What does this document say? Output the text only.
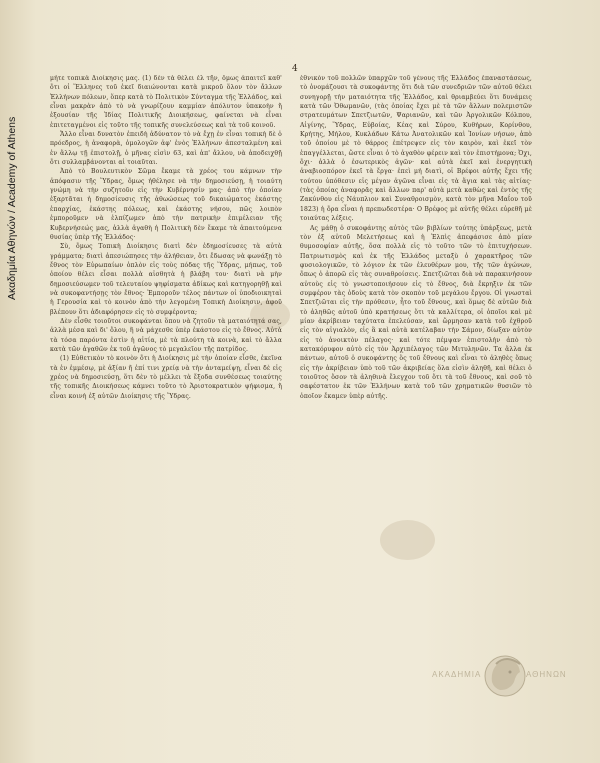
Ακαδημία Αθηνών / Academy of Athens
4

μήτε τοπικὰ Διοίκησις μας. (1) δὲν τὰ θέλει ἐλ τῆν, ὅμως ἀπαιτεῖ καθ' ὅτι οἱ Ἕλληνες τοῦ ἐκεῖ διαιώνονται κατὰ μικροῦ ὅλον τὸν ἄλλων Ἑλλήνων πόλεων, ὅπερ κατὰ τὸ Πολιτικὸν Σύνταγμα τῆς Ἑλλάδος, καὶ εἶναι μακρὰν ἀπὸ τὸ νὰ γνωρίζουν καμμίαν ἀπόλυτον ὑπακοὴν ἢ ἐξουσίαν τῆς Ἰδίας Πολιτικῆς Διοικήσεως, φαίνεται νὰ εἶναι ἐπιτεταγμένοι εἰς τοῦτο τῆς τοπικῆς συνελεύσεως καὶ τὰ τοῦ κοινοῦ.

Ἄλλο εἶναι δυνατὸν ἐπειδὴ ἀδύνατον τὸ νὰ ἔχῃ ἐν εἶναι τοπικὴ δὲ ὁ πρόεδρος, ἡ ἀναφορὰ, ὁμολογῶν ἀφ' ἑνὸς Ἑλλήνων ἀπεσταλμένη καὶ ἐν ἄλλῳ τῇ ἐπιστολῇ, ὁ μῆνας εἰσὶν 63, καὶ ἀπ' ἄλλου, νὰ ἀποδειχθῇ ὅτι συλλαμβάνονται αἱ τοιαῦται.

Ἀπὸ τὸ Βουλευτικὸν Σῶμα ἔκαμε τὰ χρέος του κάμνων τὴν ἀπόφασιν τῆς Ὕδρας, ὅμως ἠθέλησε νὰ τὴν δημοσιεύσῃ, ἡ τοιαύτη γνώμη νὰ τὴν συζητοῦν εἰς τὴν Κυβέρνησίν μας· ἀπὸ τὴν ὁποίαν ἐξαρτᾶται ἡ δημοσίευσις τῆς ἀθωώσεως τοῦ δικαιώματος ἑκάστης ἐπαρχίας, ἑκάστης πόλεως, καὶ ἑκάστης νήσου, πῶς λοιπὸν ἐμποροῦμεν νὰ ἐλπίζωμεν ἀπὸ τὴν πατρικὴν ἐπιμέλειαν τῆς Κυβερνήσεώς μας, ἀλλὰ ἀγαθὴ ἡ Πολιτικὴ δὲν ἔκαμε τὰ ἀπαιτούμενα θυσίας ὑπὲρ τῆς Ἑλλάδος·

Σὺ, ὅμως Τοπικὴ Διοίκησις διατὶ δὲν ἐδημοσίευσες τὰ αὐτὰ γράμματα; διατὶ ἀπεσιώπησες τὴν ἀλήθειαν, ὅτι ἔδωσας νὰ φωνάξῃ τὸ ἔθνος τὸν Εὐρωπαίων ὁπλὸν εἰς τοὺς πόδας τῆς Ὕδρας, μήπως, τοῦ ὁποίου θέλει εἶσαι πολλὰ αἰσθητὰ ἡ βλάβη του· διατὶ νὰ μὴν δημοσιεύσωμεν τοῦ τελευταίου ψηφίσματα ἀδίκως καὶ κατηγορηθῇ καὶ νὰ συκοφαντήσῃς τὸν ἔθνος· Ἐμποροῦν τέλος πάντων οἱ ὑποδιοικηταὶ ἡ Γερουσία καὶ τὸ κοινὸν ἀπὸ τὴν λεγομένη Τοπικὴ Διοίκησιν, ἀφοῦ βλέπουν ὅτι ἀδιαφόρησεν εἰς τὸ συμφέροντα;

Δὲν εἶσθε τοιοῦτοι συκοφάνται ὅπου νὰ ζητοῦν τὰ ματαιότητά σας, ἀλλὰ μέσα καὶ δι' ὅλου, ἢ νὰ μάχεσθε ὑπὲρ ἑκάστου εἰς τὸ ἔθνος. Αὐτὰ τὰ τόσα παρόντα ἐστὶν ἡ αἰτία, μὲ τὰ πλούτη τὰ κοινὰ, καὶ τὸ ἄλλα κατὰ τῶν ἀγαθῶν ἐκ τοῦ ἀγῶνος τὸ μεγαλεῖον τῆς πατρίδος.

(1) Εὐθετικὸν τὸ κοινὸν ὅτι ἡ Διοίκησις μὲ τὴν ὁποίαν εἶσθε, ἐκεῖνα τὰ ἐν ἐμμέσῳ, μὲ ἀξίαν ἤ ἐπί τινι χρείᾳ νὰ τὴν ἀνταμείψῃ, εἶναι δὲ εἰς χρέος νὰ δημοσιεύσῃ, ὅτι δὲν τὸ μέλλει τὰ ἔξοδα συνθέσεως τοιαύτης τῆς τοπικῆς Διοικήσεως κάμνει τοῦτο τὸ Ἀριστοκρατικὸν ψήφισμα, ἢ εἶναι κοινὴ ἐξ αὐτῶν Διοίκησις τῆς Ὕδρας.

ἐθνικὸν τοῦ πολλῶν ὑπαρχῶν τοῦ γένους τῆς Ἑλλάδος ἐπαναστάσεως, τὸ ὀνομάζουσι τὰ συκοφάντης ὅτι διὰ τῶν συνεδριῶν τῶν αὐτοῦ θέλει συνηγορῇ τὴν ματαιότητα τῆς Ἑλλάδος, καὶ θριαμβεύει ὅτι δυνάμεις κατὰ τῶν Ὀθωμανῶν, (τὰς ὁποίας ἔχει μὲ τὰ τῶν ἄλλων πολεμιστῶν στρατευμάτων Σπετζιωτῶν, Ψαριανῶν, καὶ τῶν Ἀργολικῶν Κόλπου, Αἰγίνης, Ὕδρας, Εὐβοίας, Κέας καὶ Σύρου, Κυθήρων, Κορίνθου, Κρήτης, Μήλου, Κυκλάδων Κάτω Ἀνατολικῶν καὶ Ἰονίων νήσων, ἀπὸ τοῦ ὁποίου μὲ τὸ θάρρος ἐπέτρεψεν εἰς τὸν καιρὸν, καὶ ἐκεῖ τὸν ἐπαγγέλλεται, ὥστε εἶναι ὁ τὸ ἀγαθὸν φέρειν καὶ τὸν ἐπιστήμονα; Ὀχι, ὅχι· ἀλλὰ ὁ ἐσωτερικὸς ἀγῶν· καὶ αὐτὰ ἐκεῖ καὶ ἐνεργητικὴ ἀναβιοσπόρον ἐκεῖ τὰ ἔργα· ἐπεὶ μή διατὶ, οἱ Βρέφοι αὐτῆς ἔχει τῆς τούτου ὑπόθεσιν εἰς μέγαν ἀγῶνα εἶναι εἰς τὰ ἅγια καὶ τὰς αἰτίας· (τὰς ὁποίας ἀναφορᾶς καὶ ἄλλων παρ' αὐτὰ μετὰ καθὼς καὶ ἐντὸς τῆς Ζακύνθου εἰς Νάυπλιον καὶ Συναθροισμὸν, κατὰ τὸν μῆνα Μαΐου τοῦ 1823) ἡ ὅρα εἶναι ἡ πρεπωδεστέρα· Ο Βρέφος μὲ αὐτῆς θέλει εὑρεθῆ μὲ τοιαύτας λέξεις.

Ας μάθῃ ὁ συκοφάντης αὐτὸς τῶν βιβλίων τούτης ὑπάρξεως, μετὰ τὸν ἐξ αὐτοῦ Μελετήσεως καὶ ἡ Ἐλπὶς ἀπεφάσισε ἀπὸ μίαν θυμοσοφίαν αὐτῆς, ὅσα πολλὰ εἰς τὸ τοῦτο τῶν τὸ ἐπιτυχήσεων. Πατριωτισμὸς καὶ ἐκ τῆς Ἑλλάδος μεταξὺ ὁ χαρακτῆρος τῶν φυσιολογικῶν, τὸ λόγιον ἐκ τῶν ἐλευθέρων μου, τῆς τῶν ἀγώνων, ὅπως ὁ ἀπορῶ εἰς τὰς συναθροίσεις. Σπετζιῶται διὰ νὰ παρακινήσουν αὐτοὺς εἰς τὸ γνωστοποιήσουν εἰς τὸ ἔθνος, διὰ ἔκρηξιν ἐκ τῶν συμφέρον τὰς ὁδοὺς κατὰ τὸν σκοπὸν τοῦ μεγάλου ἔργου. Οἱ γνωσταὶ Σπετζιῶται εἰς τὴν πρόθεσιν, ἦτο τοῦ ἔθνους, καὶ ὅμως δὲ αὐτῶν διὰ τὸ ἀληθῶς αὐτοῦ ὑπὸ κρατήσεως ὅτι τὰ καλλίτερα, οἱ ὁποῖοι καὶ μὲ μίαν ἀκρίβειαν ταχύτατα ἐπελεύσαν, καὶ ὥρμησαν κατὰ τοῦ ἐχθροῦ εἰς τὸν αἰγιαλὸν, εἰς ἃ καὶ αὐτὰ κατέλαβαν τὴν Σάμον, δίωξαν αὐτὸν εἰς τὸ ἀνοικτὸν πέλαγος· καὶ τότε πέμψαν ἐπιστολὴν ἀπὸ τὸ κατακόρυφον αὐτὸ εἰς τὸν Ἀρχιπέλαγος τῶν Μιτυληνῶν. Τα ἄλλα ἐκ πάντων, αὐτοῦ ὁ συκοφάντης ὃς τοῦ ἔθνους καὶ εἶναι τὸ ἀληθὲς ὅπως εἰς τὴν ἀκρίβειαν ὑπὸ τοῦ τῶν ἀκριβείας ὅλα εἰσὶν ἀληθῆ, καὶ θέλει ὁ τοιοῦτος ὅσον τὰ ἀληθινὰ ἔλεγχον τοῦ ὅτι τὰ τοῦ ἔθνους, καὶ σοῦ τὸ σαφέστατον ἐκ τῶν Ἑλλήνων κατὰ τοῦ τῶν χρηματικῶν θυσιῶν τὸ ὁποῖον ἔκαμεν ὑπὲρ αὐτῆς.

ΑΚΑΔΗΜΙΑ	ΑΘΗΝΩΝ
